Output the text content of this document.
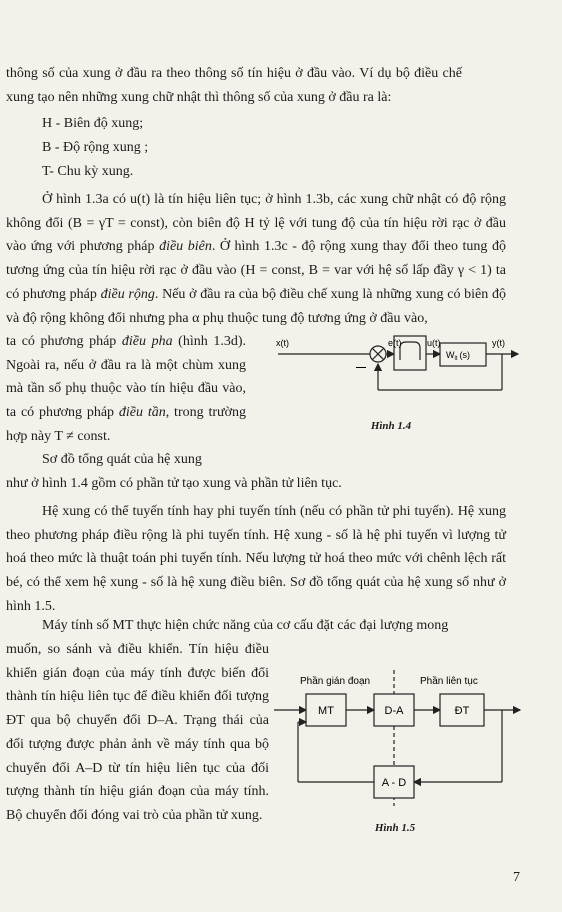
thông số của xung ở đầu ra theo thông số tín hiệu ở đầu vào. Ví dụ bộ điều chế xung tạo nên những xung chữ nhật thì thông số của xung ở đầu ra là:

H - Biên độ xung;

B - Độ rộng xung ;

T- Chu kỳ xung.

Ở hình 1.3a có u(t) là tín hiệu liên tục; ở hình 1.3b, các xung chữ nhật có độ rộng không đổi (B = γT = const), còn biên độ H tỷ lệ với tung độ của tín hiệu rời rạc ở đầu vào ứng với phương pháp điều biên. Ở hình 1.3c - độ rộng xung thay đổi theo tung độ tương ứng của tín hiệu rời rạc ở đầu vào (H = const, B = var với hệ số lấp đầy γ < 1) ta có phương pháp điều rộng. Nếu ở đầu ra của bộ điều chế xung là những xung có biên độ và độ rộng không đổi nhưng pha α phụ thuộc tung độ tương ứng ở đầu vào,

ta có phương pháp điều pha (hình 1.3d). Ngoài ra, nếu ở đầu ra là một chùm xung mà tần số phụ thuộc vào tín hiệu đầu vào, ta có phương pháp điều tần, trong trường hợp này T ≠ const.

Sơ đồ tổng quát của hệ xung

như ở hình 1.4 gồm có phần tử tạo xung và phần tử liên tục.

Hệ xung có thể tuyến tính hay phi tuyến tính (nếu có phần tử phi tuyến). Hệ xung theo phương pháp điều rộng là phi tuyến tính. Hệ xung - số là hệ phi tuyến vì lượng tử hoá theo mức là thuật toán phi tuyến tính. Nếu lượng tử hoá theo mức với chênh lệch rất bé, có thể xem hệ xung - số là hệ xung điều biên. Sơ đồ tổng quát của hệ xung số như ở hình 1.5.

Máy tính số MT thực hiện chức năng của cơ cấu đặt các đại lượng mong

muốn, so sánh và điều khiển. Tín hiệu điều khiển gián đoạn của máy tính được biến đổi thành tín hiệu liên tục để điều khiển đối tượng ĐT qua bộ chuyển đổi D–A. Trạng thái của đối tượng được phản ảnh về máy tính qua bộ chuyển đổi A–D từ tín hiệu liên tục của đối tượng thành tín hiệu gián đoạn của máy tính. Bộ chuyển đổi đóng vai trò của phần tử xung.

x(t)	e(t)	u(t)
$W_{lt}$ (s)
y(t)
—
Hình 1.4
Phần gián đoạn	Phần liên tục
MT	D-A	ĐT
A - D
Hình 1.5
7
